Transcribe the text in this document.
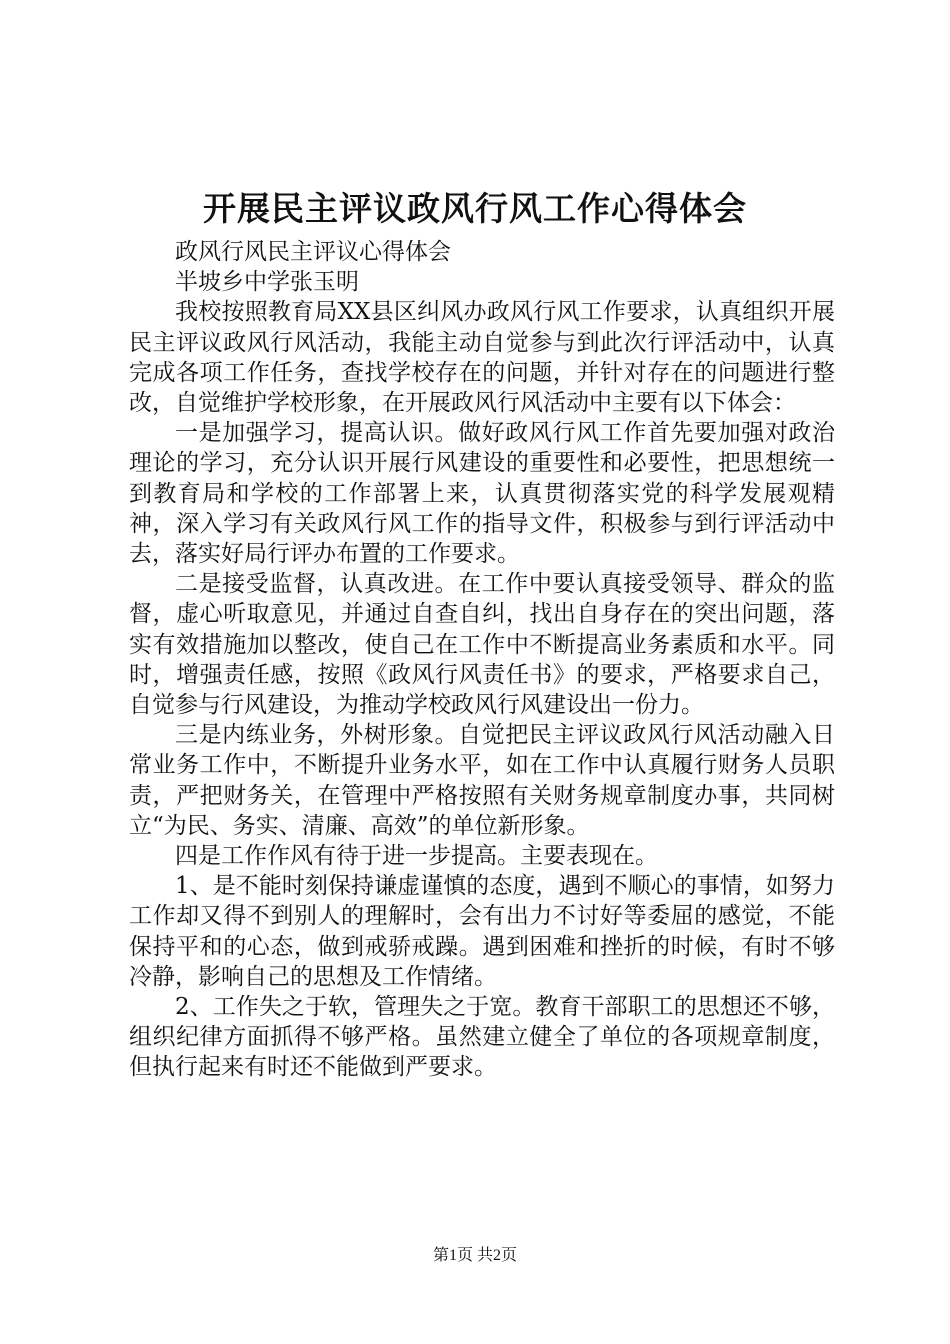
开展民主评议政风行风工作心得体会

政风行风民主评议心得体会

半坡乡中学张玉明

我校按照教育局XX县区纠风办政风行风工作要求，认真组织开展民主评议政风行风活动，我能主动自觉参与到此次行评活动中，认真完成各项工作任务，查找学校存在的问题，并针对存在的问题进行整改，自觉维护学校形象，在开展政风行风活动中主要有以下体会：

一是加强学习，提高认识。做好政风行风工作首先要加强对政治理论的学习，充分认识开展行风建设的重要性和必要性，把思想统一到教育局和学校的工作部署上来，认真贯彻落实党的科学发展观精神，深入学习有关政风行风工作的指导文件，积极参与到行评活动中去，落实好局行评办布置的工作要求。

二是接受监督，认真改进。在工作中要认真接受领导、群众的监督，虚心听取意见，并通过自查自纠，找出自身存在的突出问题，落实有效措施加以整改，使自己在工作中不断提高业务素质和水平。同时，增强责任感，按照《政风行风责任书》的要求，严格要求自己，自觉参与行风建设，为推动学校政风行风建设出一份力。

三是内练业务，外树形象。自觉把民主评议政风行风活动融入日常业务工作中，不断提升业务水平，如在工作中认真履行财务人员职责，严把财务关，在管理中严格按照有关财务规章制度办事，共同树立“为民、务实、清廉、高效”的单位新形象。

四是工作作风有待于进一步提高。主要表现在。

1、是不能时刻保持谦虚谨慎的态度，遇到不顺心的事情，如努力工作却又得不到别人的理解时，会有出力不讨好等委屈的感觉，不能保持平和的心态，做到戒骄戒躁。遇到困难和挫折的时候，有时不够冷静，影响自己的思想及工作情绪。

2、工作失之于软，管理失之于宽。教育干部职工的思想还不够，组织纪律方面抓得不够严格。虽然建立健全了单位的各项规章制度，但执行起来有时还不能做到严要求。

第1页 共2页
